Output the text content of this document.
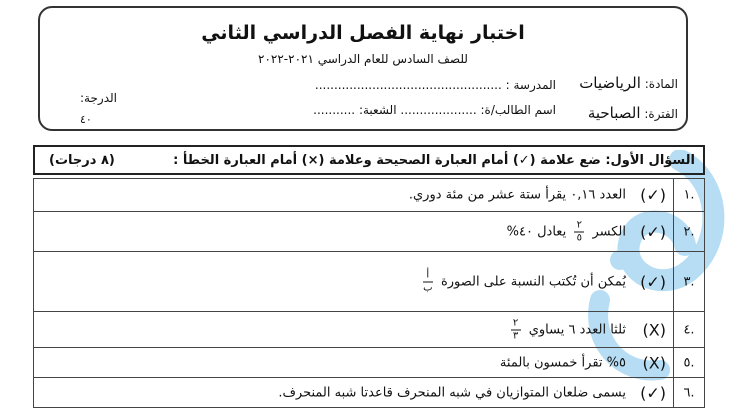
اختبار نهاية الفصل الدراسي الثاني
للصف السادس للعام الدراسي ٢٠٢١-٢٠٢٢
المدرسة : .................................................
اسم الطالب/ة: .................... الشعبة: ...........
الدرجة:
٤٠
المادة: الرياضيات
الفترة: الصباحية
السؤال الأول: ضع علامة (✓) أمام العبارة الصحيحة وعلامة (×) أمام العبارة الخطأ :
(٨ درجات)
.١
(✓)
العدد ٠,١٦ يقرأ ستة عشر من مئة دوري.
.٢
(✓)
الكسر $\frac{٢}{٥}$ يعادل ٤٠%
.٣
(✓)
يُمكن أن تُكتب النسبة على الصورة $\frac{\text{أ}}{\text{ب}}$
.٤
(X)
ثلثا العدد ٦ يساوي $\frac{٢}{٣}$
.٥
(X)
٥% تقرأ خمسون بالمئة
.٦
(✓)
يسمى ضلعان المتوازيان في شبه المنحرف قاعدتا شبه المنحرف.
